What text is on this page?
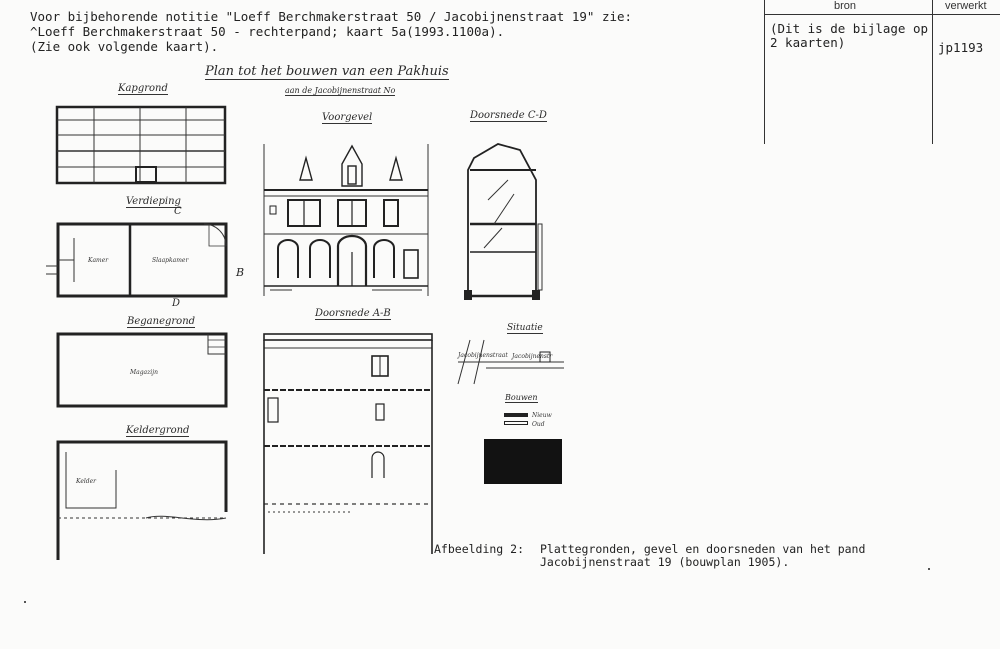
Voor bijbehorende notitie "Loeff Berchmakerstraat 50 / Jacobijnenstraat 19" zie:
^Loeff Berchmakerstraat 50 - rechterpand; kaart 5a(1993.1100a).
(Zie ook volgende kaart).
bron	verwerkt
(Dit is de bijlage op
2 kaarten)	jp1193
Plan tot het bouwen van een Pakhuis
aan de Jacobijnenstraat No
Kapgrond
Verdieping
Beganegrond
Keldergrond
Voorgevel	Doorsnede C-D
Doorsnede A-B
Situatie
Bouwen
C
D
B
Kamer	Slaapkamer
Magazijn
Kelder
Jacobijnenstraat Jacobijnenstr
Nieuw
Oud
Afbeelding 2: Plattegronden, gevel en doorsneden van het pand
Jacobijnenstraat 19 (bouwplan 1905).
